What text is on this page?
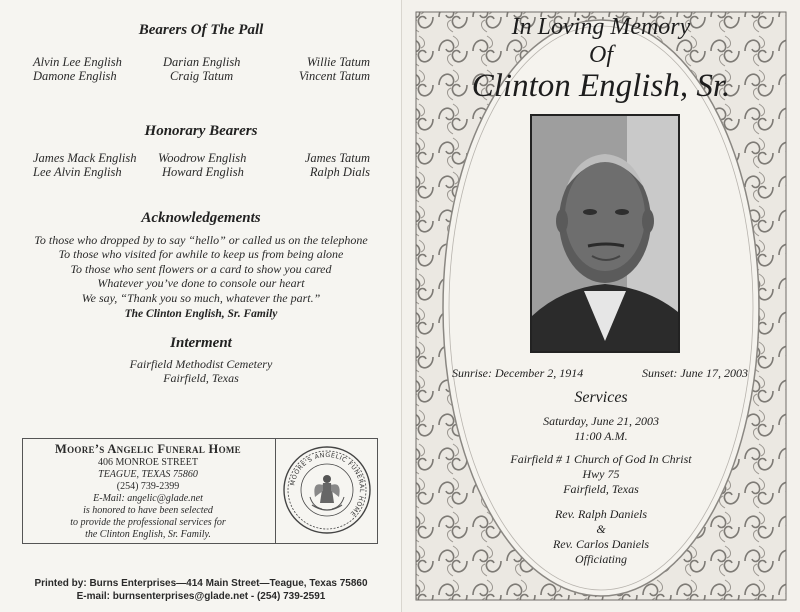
Bearers Of The Pall
Alvin Lee English
Damone English
Darian English
Craig Tatum
Willie Tatum
Vincent Tatum
Honorary Bearers
James Mack English
Lee Alvin English
Woodrow English
Howard English
James Tatum
Ralph Dials
Acknowledgements
To those who dropped by to say “hello” or called us on the telephone
To those who visited for awhile to keep us from being alone
To those who sent flowers or a card to show you cared
Whatever you’ve done to console our heart
We say, “Thank you so much, whatever the part.”
The Clinton English, Sr. Family
Interment
Fairfield Methodist Cemetery
Fairfield, Texas
Moore’s Angelic Funeral Home
406 MONROE STREET
TEAGUE, TEXAS 75860
(254) 739-2399
E-Mail: angelic@glade.net
is honored to have been selected
to provide the professional services for
the Clinton English, Sr. Family.
MOORE'S ANGELIC FUNERAL HOME
Printed by: Burns Enterprises—414 Main Street—Teague, Texas 75860
E-mail: burnsenterprises@glade.net - (254) 739-2591
In Loving Memory
Of
Clinton English, Sr.
Sunrise: December 2, 1914	Sunset: June 17, 2003
Services
Saturday, June 21, 2003
11:00 A.M.
Fairfield # 1 Church of God In Christ
Hwy 75
Fairfield, Texas
Rev. Ralph Daniels
&
Rev. Carlos Daniels
Officiating
